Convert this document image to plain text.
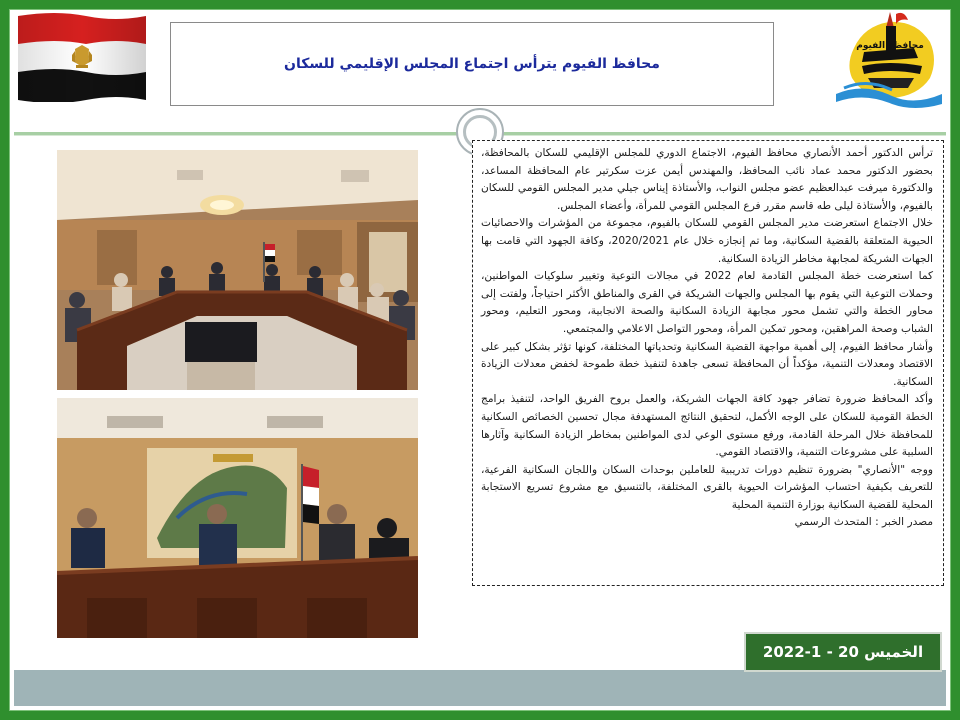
محافظ الفيوم يترأس اجتماع المجلس الإقليمي للسكان
محافظة الفيوم

ترأس الدكتور أحمد الأنصاري محافظ الفيوم، الاجتماع الدوري للمجلس الإقليمي للسكان بالمحافظة، بحضور الدكتور محمد عماد نائب المحافظ، والمهندس أيمن عزت سكرتير عام المحافظة المساعد، والدكتورة ميرفت عبدالعظيم عضو مجلس النواب، والأستاذة إيناس جيلي مدير المجلس القومي للسكان بالفيوم، والأستاذة ليلى طه قاسم مقرر فرع المجلس القومي للمرأة، وأعضاء المجلس.

خلال الاجتماع استعرضت مدير المجلس القومي للسكان بالفيوم، مجموعة من المؤشرات والاحصائيات الحيوية المتعلقة بالقضية السكانية، وما تم إنجازه خلال عام 2020/2021، وكافة الجهود التي قامت بها الجهات الشريكة لمجابهة مخاطر الزيادة السكانية.

كما استعرضت خطة المجلس القادمة لعام 2022 في مجالات التوعية وتغيير سلوكيات المواطنين، وحملات التوعية التي يقوم بها المجلس والجهات الشريكة في القرى والمناطق الأكثر احتياجاً، ولفتت إلى محاور الخطة والتي تشمل محور مجابهة الزيادة السكانية والصحة الانجابية، ومحور التعليم، ومحور الشباب وصحة المراهقين، ومحور تمكين المرأة، ومحور التواصل الاعلامي والمجتمعي.

وأشار محافظ الفيوم، إلى أهمية مواجهة القضية السكانية وتحدياتها المختلفة، كونها تؤثر بشكل كبير على الاقتصاد ومعدلات التنمية، مؤكداً أن المحافظة تسعى جاهدة لتنفيذ خطة طموحة لخفض معدلات الزيادة السكانية.

وأكد المحافظ ضرورة تضافر جهود كافة الجهات الشريكة، والعمل بروح الفريق الواحد، لتنفيذ برامج الخطة القومية للسكان على الوجه الأكمل، لتحقيق النتائج المستهدفة مجال تحسين الخصائص السكانية للمحافظة خلال المرحلة القادمة، ورفع مستوى الوعي لدى المواطنين بمخاطر الزيادة السكانية وآثارها السلبية على مشروعات التنمية، والاقتصاد القومي.

ووجه "الأنصاري" بضرورة تنظيم دورات تدريبية للعاملين بوحدات السكان واللجان السكانية الفرعية، للتعريف بكيفية احتساب المؤشرات الحيوية بالقرى المختلفة، بالتنسيق مع مشروع تسريع الاستجابة المحلية للقضية السكانية بوزارة التنمية المحلية

مصدر الخبر : المتحدث الرسمي

الخميس 20 - 1-2022
